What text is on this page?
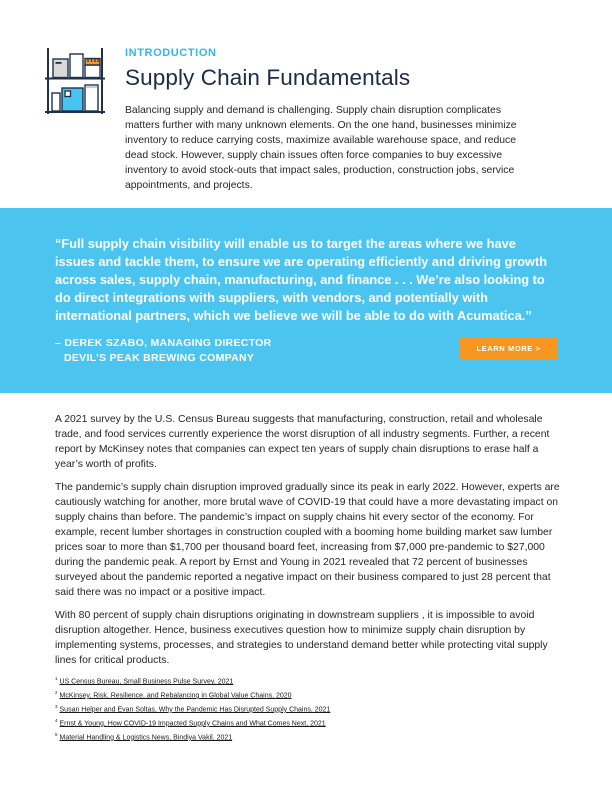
INTRODUCTION
Supply Chain Fundamentals

Balancing supply and demand is challenging. Supply chain disruption complicates matters further with many unknown elements. On the one hand, businesses minimize inventory to reduce carrying costs, maximize available warehouse space, and reduce dead stock. However, supply chain issues often force companies to buy excessive inventory to avoid stock-outs that impact sales, production, construction jobs, service appointments, and projects.

“Full supply chain visibility will enable us to target the areas where we have issues and tackle them, to ensure we are operating efficiently and driving growth across sales, supply chain, manufacturing, and finance . . . We’re also looking to do direct integrations with suppliers, with vendors, and potentially with international partners, which we believe we will be able to do with Acumatica.”

– DEREK SZABO, MANAGING DIRECTOR
DEVIL’S PEAK BREWING COMPANY
LEARN MORE >

A 2021 survey by the U.S. Census Bureau suggests that manufacturing, construction, retail and wholesale trade, and food services currently experience the worst disruption of all industry segments. Further, a recent report by McKinsey notes that companies can expect ten years of supply chain disruptions to erase half a year’s worth of profits.

The pandemic’s supply chain disruption improved gradually since its peak in early 2022. However, experts are cautiously watching for another, more brutal wave of COVID-19 that could have a more devastating impact on supply chains than before. The pandemic’s impact on supply chains hit every sector of the economy. For example, recent lumber shortages in construction coupled with a booming home building market saw lumber prices soar to more than $1,700 per thousand board feet, increasing from $7,000 pre-pandemic to $27,000 during the pandemic peak. A report by Ernst and Young in 2021 revealed that 72 percent of businesses surveyed about the pandemic reported a negative impact on their business compared to just 28 percent that said there was no impact or a positive impact.

With 80 percent of supply chain disruptions originating in downstream suppliers , it is impossible to avoid disruption altogether. Hence, business executives question how to minimize supply chain disruption by implementing systems, processes, and strategies to understand demand better while protecting vital supply lines for critical products.

$^1$ US Census Bureau, Small Business Pulse Survey, 2021
$^2$ McKinsey, Risk, Resilience, and Rebalancing in Global Value Chains, 2020
$^3$ Susan Helper and Evan Soltas, Why the Pandemic Has Disrupted Supply Chains, 2021
$^4$ Ernst & Young, How COVID-19 Impacted Supply Chains and What Comes Next, 2021
$^5$ Material Handling & Logistics News, Bindiya Vakil, 2021
